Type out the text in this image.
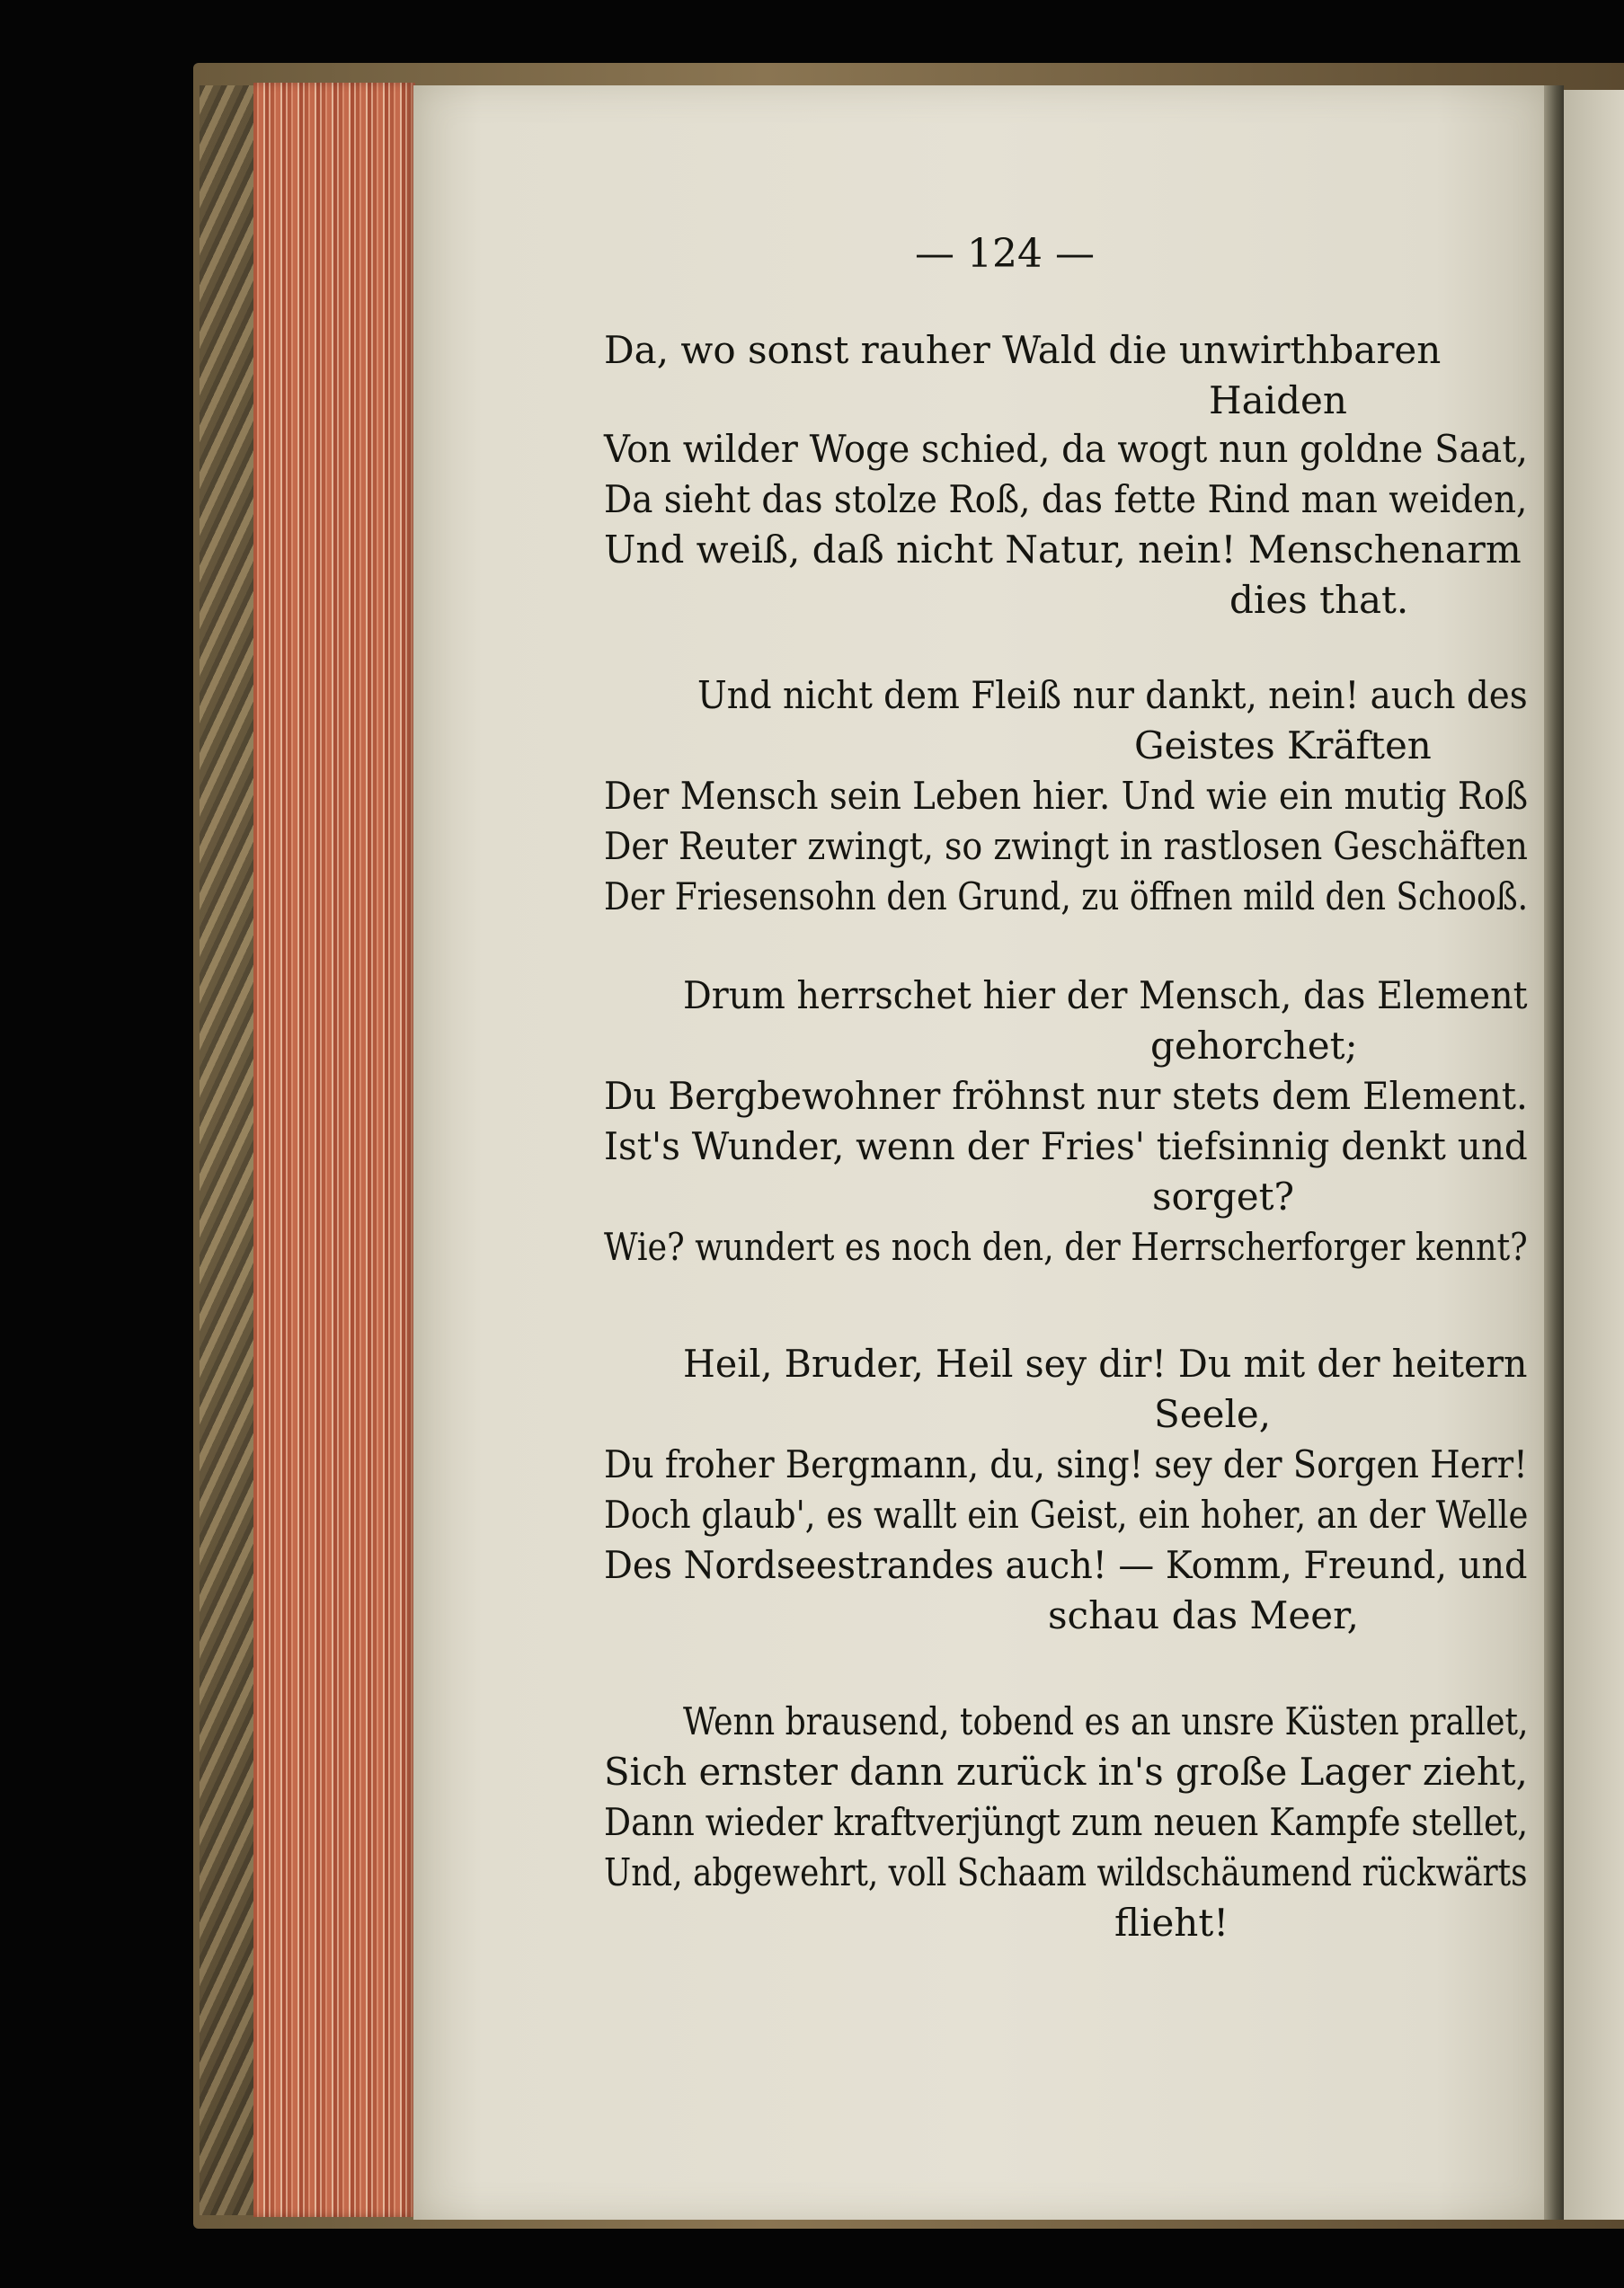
— 124 —
Da, wo sonst rauher Wald die unwirthbaren
Haiden
Von wilder Woge schied, da wogt nun goldne Saat,
Da sieht das stolze Roß, das fette Rind man weiden,
Und weiß, daß nicht Natur, nein! Menschenarm
dies that.
Und nicht dem Fleiß nur dankt, nein! auch des
Geistes Kräften
Der Mensch sein Leben hier. Und wie ein mutig Roß
Der Reuter zwingt, so zwingt in rastlosen Geschäften
Der Friesensohn den Grund, zu öffnen mild den Schooß.
Drum herrschet hier der Mensch, das Element
gehorchet;
Du Bergbewohner fröhnst nur stets dem Element.
Ist's Wunder, wenn der Fries' tiefsinnig denkt und
sorget?
Wie? wundert es noch den, der Herrscherforger kennt?
Heil, Bruder, Heil sey dir! Du mit der heitern
Seele,
Du froher Bergmann, du, sing! sey der Sorgen Herr!
Doch glaub', es wallt ein Geist, ein hoher, an der Welle
Des Nordseestrandes auch! — Komm, Freund, und
schau das Meer,
Wenn brausend, tobend es an unsre Küsten prallet,
Sich ernster dann zurück in's große Lager zieht,
Dann wieder kraftverjüngt zum neuen Kampfe stellet,
Und, abgewehrt, voll Schaam wildschäumend rückwärts
flieht!
